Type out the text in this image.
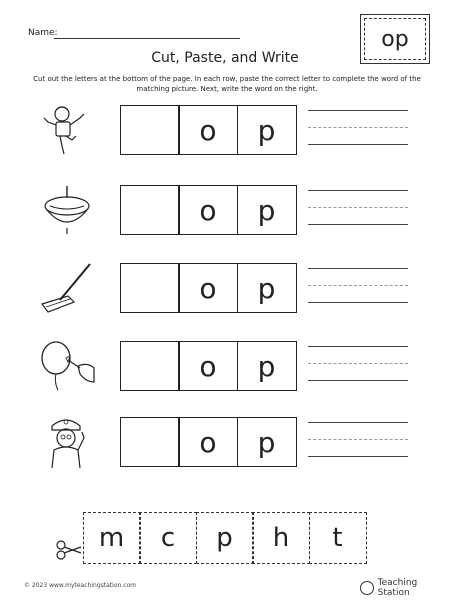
Name:	op
Cut, Paste, and Write
Cut out the letters at the bottom of the page. In each row, paste the correct letter to complete the word of the matching picture. Next, write the word on the right.
o	p
o	p
o	p
o	p
o	p
m	c	p	h	t
© 2023 www.myteachingstation.com	Teaching Station
